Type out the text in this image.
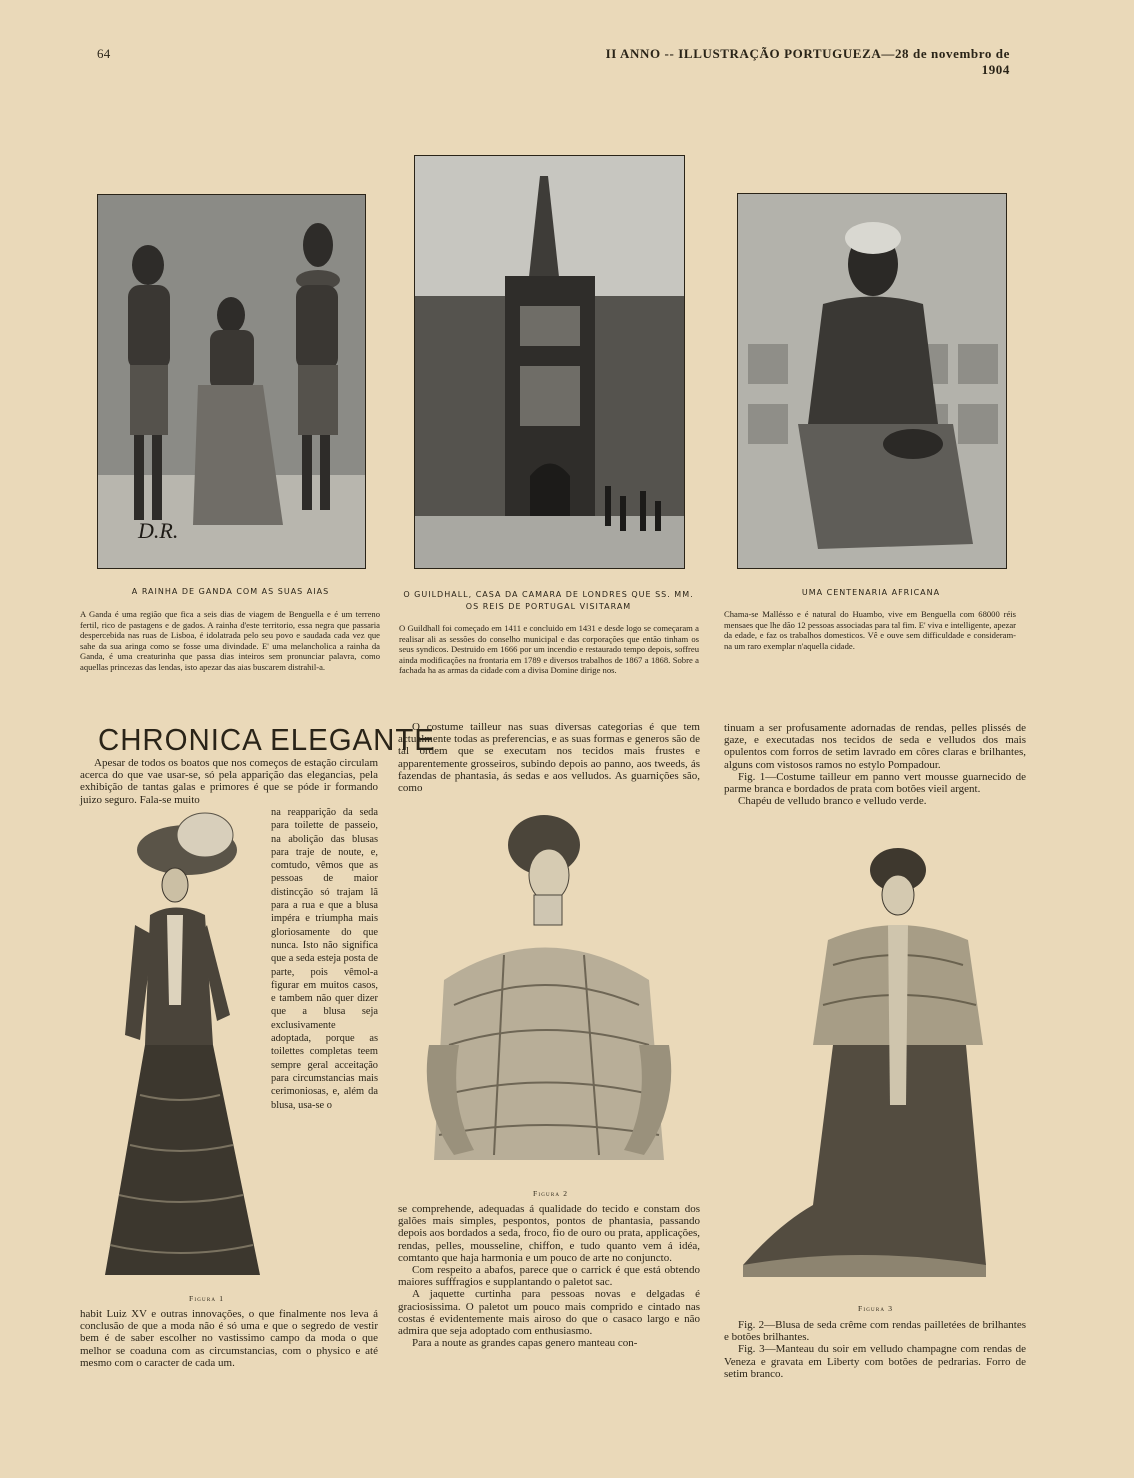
64	II ANNO -- ILLUSTRAÇÃO PORTUGUEZA—28 de novembro de 1904
D.R.
A RAINHA DE GANDA COM AS SUAS AIAS	O GUILDHALL, CASA DA CAMARA DE LONDRES QUE SS. MM. OS REIS DE PORTUGAL VISITARAM
UMA CENTENARIA AFRICANA
A Ganda é uma região que fica a seis dias de viagem de Benguella e é um terreno fertil, rico de pastagens e de gados. A rainha d'este territorio, essa negra que passaria despercebida nas ruas de Lisboa, é idolatrada pelo seu povo e saudada cada vez que sahe da sua aringa como se fosse uma divindade. E' uma melancholica a rainha da Ganda, é uma creaturinha que passa dias inteiros sem pronunciar palavra, como aquellas princezas das lendas, isto apezar das aias buscarem distrahil-a.
O Guildhall foi começado em 1411 e concluido em 1431 e desde logo se começaram a realisar ali as sessões do conselho municipal e das corporações que então tinham os seus syndicos. Destruido em 1666 por um incendio e restaurado tempo depois, soffreu ainda modificações na frontaria em 1789 e diversos trabalhos de 1867 a 1868. Sobre a fachada ha as armas da cidade com a divisa Domine dirige nos.
Chama-se Mallésso e é natural do Huambo, vive em Benguella com 68000 réis mensaes que lhe dão 12 pessoas associadas para tal fim. E' viva e intelligente, apezar da edade, e faz os trabalhos domesticos. Vê e ouve sem difficuldade e consideram-na um raro exemplar n'aquella cidade.
CHRONICA ELEGANTE

Apesar de todos os boatos que nos começos de estação circulam acerca do que vae usar-se, só pela apparição das elegancias, pela exhibição de tantas galas e primores é que se póde ir formando juizo seguro. Fala-se muito

na reapparição da seda para toilette de passeio, na abolição das blusas para traje de noute, e, comtudo, vêmos que as pessoas de maior distincção só trajam lã para a rua e que a blusa impéra e triumpha mais gloriosamente do que nunca. Isto não significa que a seda esteja posta de parte, pois vêmol-a figurar em muitos casos, e tambem não quer dizer que a blusa seja exclusivamente adoptada, porque as toilettes completas teem sempre geral acceitação para circumstancias mais cerimoniosas, e, além da blusa, usa-se o
Figura 1
habit Luiz XV e outras innovações, o que finalmente nos leva á conclusão de que a moda não é só uma e que o segredo de vestir bem é de saber escolher no vastissimo campo da moda o que melhor se coaduna com as circumstancias, com o physico e até mesmo com o caracter de cada um.

O costume tailleur nas suas diversas categorias é que tem actualmente todas as preferencias, e as suas formas e generos são de tal ordem que se executam nos tecidos mais frustes e apparentemente grosseiros, subindo depois ao panno, aos tweeds, ás fazendas de phantasia, ás sedas e aos velludos. As guarnições são, como

Figura 2

se comprehende, adequadas á qualidade do tecido e constam dos galões mais simples, pespontos, pontos de phantasia, passando depois aos bordados a seda, froco, fio de ouro ou prata, applicações, rendas, pelles, mousseline, chiffon, e tudo quanto vem á idéa, comtanto que haja harmonia e um pouco de arte no conjuncto.

Com respeito a abafos, parece que o carrick é que está obtendo maiores sufffragios e supplantando o paletot sac.

A jaquette curtinha para pessoas novas e delgadas é graciosissima. O paletot um pouco mais comprido e cintado nas costas é evidentemente mais airoso do que o casaco largo e não admira que seja adoptado com enthusiasmo.

Para a noute as grandes capas genero manteau con-

tinuam a ser profusamente adornadas de rendas, pelles plissés de gaze, e executadas nos tecidos de seda e velludos dos mais opulentos com forros de setim lavrado em côres claras e brilhantes, alguns com vistosos ramos no estylo Pompadour.

Fig. 1—Costume tailleur em panno vert mousse guarnecido de parme branca e bordados de prata com botões vieil argent.

Chapéu de velludo branco e velludo verde.

Figura 3

Fig. 2—Blusa de seda crême com rendas pailletées de brilhantes e botões brilhantes.

Fig. 3—Manteau du soir em velludo champagne com rendas de Veneza e gravata em Liberty com botões de pedrarias. Forro de setim branco.
